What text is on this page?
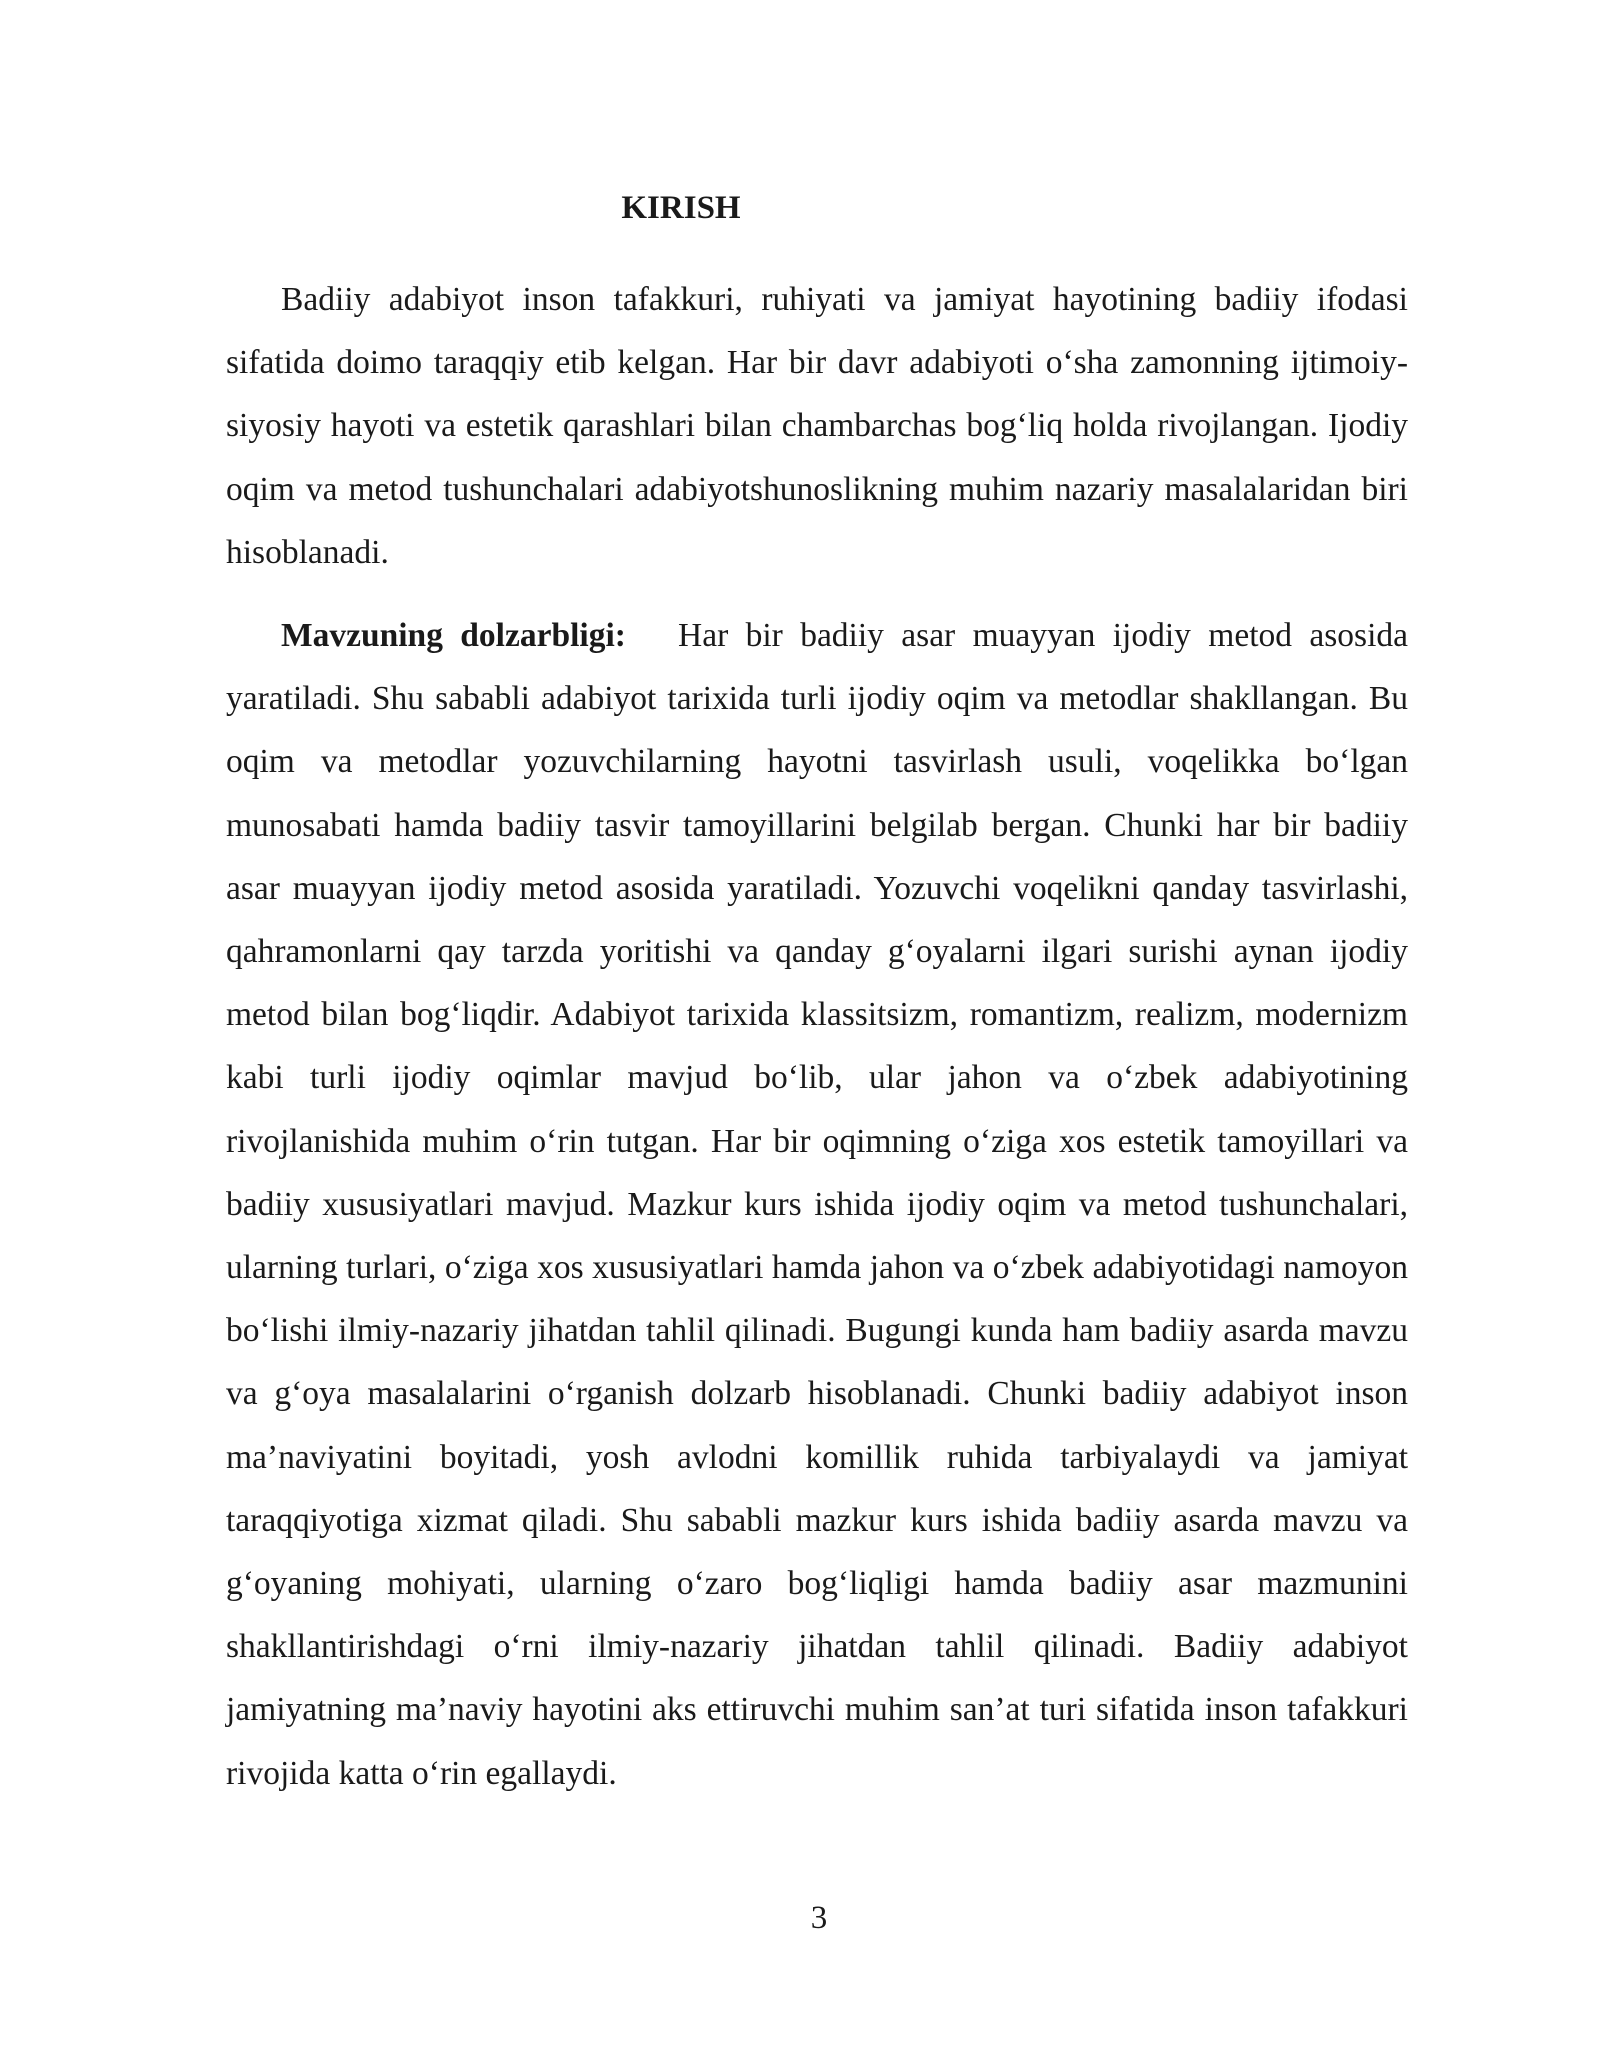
KIRISH

Badiiy adabiyot inson tafakkuri, ruhiyati va jamiyat hayotining badiiy ifodasi sifatida doimo taraqqiy etib kelgan. Har bir davr adabiyoti o‘sha zamonning ijtimoiy-siyosiy hayoti va estetik qarashlari bilan chambarchas bog‘liq holda rivojlangan. Ijodiy oqim va metod tushunchalari adabiyotshunoslikning muhim nazariy masalalaridan biri hisoblanadi.

Mavzuning dolzarbligi: Har bir badiiy asar muayyan ijodiy metod asosida yaratiladi. Shu sababli adabiyot tarixida turli ijodiy oqim va metodlar shakllangan. Bu oqim va metodlar yozuvchilarning hayotni tasvirlash usuli, voqelikka bo‘lgan munosabati hamda badiiy tasvir tamoyillarini belgilab bergan. Chunki har bir badiiy asar muayyan ijodiy metod asosida yaratiladi. Yozuvchi voqelikni qanday tasvirlashi, qahramonlarni qay tarzda yoritishi va qanday g‘oyalarni ilgari surishi aynan ijodiy metod bilan bog‘liqdir. Adabiyot tarixida klassitsizm, romantizm, realizm, modernizm kabi turli ijodiy oqimlar mavjud bo‘lib, ular jahon va o‘zbek adabiyotining rivojlanishida muhim o‘rin tutgan. Har bir oqimning o‘ziga xos estetik tamoyillari va badiiy xususiyatlari mavjud. Mazkur kurs ishida ijodiy oqim va metod tushunchalari, ularning turlari, o‘ziga xos xususiyatlari hamda jahon va o‘zbek adabiyotidagi namoyon bo‘lishi ilmiy-nazariy jihatdan tahlil qilinadi. Bugungi kunda ham badiiy asarda mavzu va g‘oya masalalarini o‘rganish dolzarb hisoblanadi. Chunki badiiy adabiyot inson ma’naviyatini boyitadi, yosh avlodni komillik ruhida tarbiyalaydi va jamiyat taraqqiyotiga xizmat qiladi. Shu sababli mazkur kurs ishida badiiy asarda mavzu va g‘oyaning mohiyati, ularning o‘zaro bog‘liqligi hamda badiiy asar mazmunini shakllantirishdagi o‘rni ilmiy-nazariy jihatdan tahlil qilinadi. Badiiy adabiyot jamiyatning ma’naviy hayotini aks ettiruvchi muhim san’at turi sifatida inson tafakkuri rivojida katta o‘rin egallaydi.

3
